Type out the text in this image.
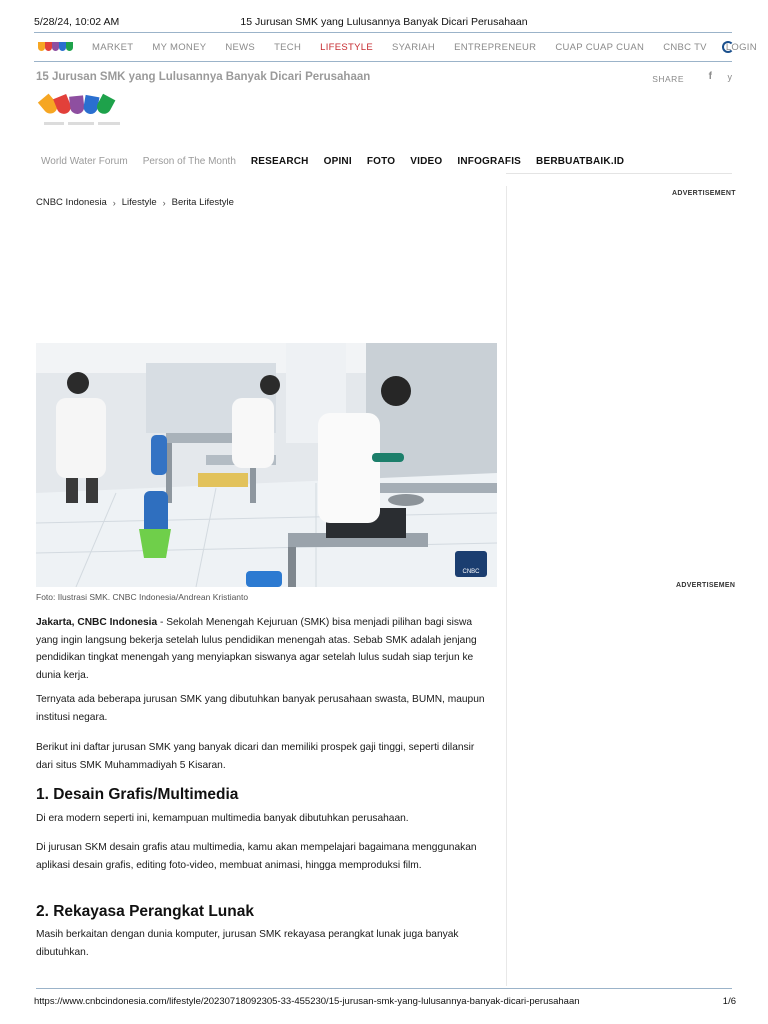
5/28/24, 10:02 AM	15 Jurusan SMK yang Lulusannya Banyak Dicari Perusahaan
MARKET MY MONEY NEWS TECH LIFESTYLE SYARIAH ENTREPRENEUR CUAP CUAP CUAN CNBC TV LOGIN
15 Jurusan SMK yang Lulusannya Banyak Dicari Perusahaan	SHARE f y
World Water Forum Person of The Month RESEARCH OPINI FOTO VIDEO INFOGRAFIS BERBUATBAIK.ID
CNBC Indonesia › Lifestyle › Berita Lifestyle
ADVERTISEMENT
ADVERTISEMEN
CNBC
Foto: Ilustrasi SMK. CNBC Indonesia/Andrean Kristianto
Jakarta, CNBC Indonesia - Sekolah Menengah Kejuruan (SMK) bisa menjadi pilihan bagi siswa yang ingin langsung bekerja setelah lulus pendidikan menengah atas. Sebab SMK adalah jenjang pendidikan tingkat menengah yang menyiapkan siswanya agar setelah lulus sudah siap terjun ke dunia kerja.
Ternyata ada beberapa jurusan SMK yang dibutuhkan banyak perusahaan swasta, BUMN, maupun institusi negara.
Berikut ini daftar jurusan SMK yang banyak dicari dan memiliki prospek gaji tinggi, seperti dilansir dari situs SMK Muhammadiyah 5 Kisaran.
1. Desain Grafis/Multimedia
Di era modern seperti ini, kemampuan multimedia banyak dibutuhkan perusahaan.
Di jurusan SKM desain grafis atau multimedia, kamu akan mempelajari bagaimana menggunakan aplikasi desain grafis, editing foto-video, membuat animasi, hingga memproduksi film.
2. Rekayasa Perangkat Lunak
Masih berkaitan dengan dunia komputer, jurusan SMK rekayasa perangkat lunak juga banyak dibutuhkan.
https://www.cnbcindonesia.com/lifestyle/20230718092305-33-455230/15-jurusan-smk-yang-lulusannya-banyak-dicari-perusahaan	1/6
